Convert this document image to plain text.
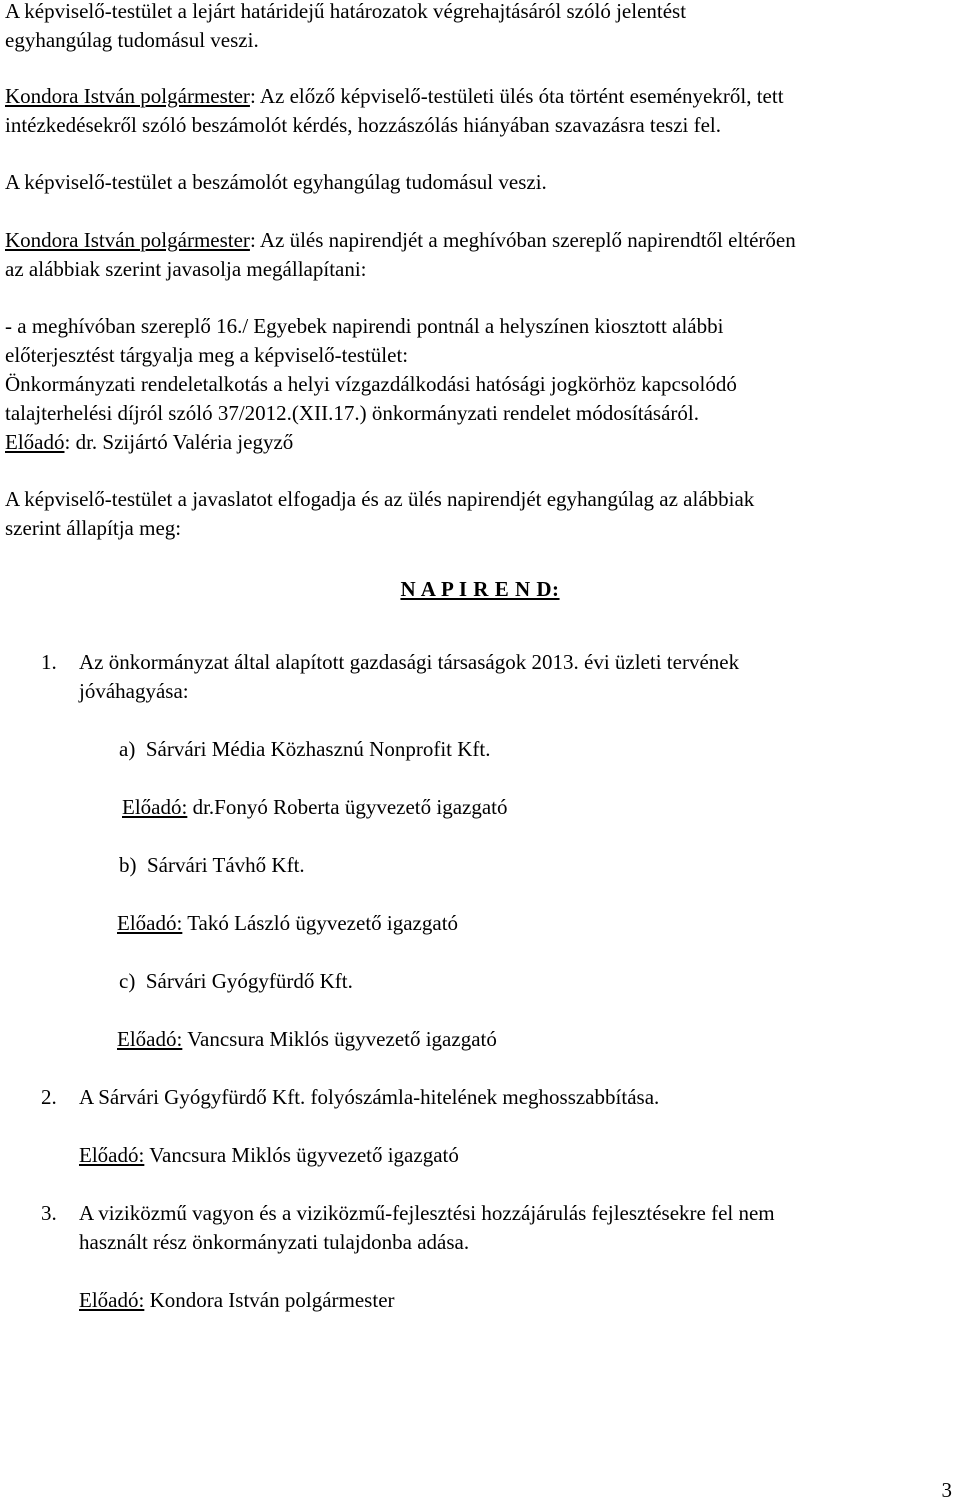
A képviselő-testület a lejárt határidejű határozatok végrehajtásáról szóló jelentést
egyhangúlag tudomásul veszi.

Kondora István polgármester: Az előző képviselő-testületi ülés óta történt eseményekről, tett
intézkedésekről szóló beszámolót kérdés, hozzászólás hiányában szavazásra teszi fel.

A képviselő-testület a beszámolót egyhangúlag tudomásul veszi.

Kondora István polgármester: Az ülés napirendjét a meghívóban szereplő napirendtől eltérően
az alábbiak szerint javasolja megállapítani:

- a meghívóban szereplő 16./ Egyebek napirendi pontnál a helyszínen kiosztott alábbi
előterjesztést tárgyalja meg a képviselő-testület:
Önkormányzati rendeletalkotás a helyi vízgazdálkodási hatósági jogkörhöz kapcsolódó
talajterhelési díjról szóló 37/2012.(XII.17.) önkormányzati rendelet módosításáról.
Előadó: dr. Szijártó Valéria jegyző

A képviselő-testület a javaslatot elfogadja és az ülés napirendjét egyhangúlag az alábbiak
szerint állapítja meg:

N A P I R E N D:
1. Az önkormányzat által alapított gazdasági társaságok 2013. évi üzleti tervének
jóváhagyása:
a) Sárvári Média Közhasznú Nonprofit Kft.
Előadó: dr.Fonyó Roberta ügyvezető igazgató
b) Sárvári Távhő Kft.
Előadó: Takó László ügyvezető igazgató
c) Sárvári Gyógyfürdő Kft.
Előadó: Vancsura Miklós ügyvezető igazgató
2. A Sárvári Gyógyfürdő Kft. folyószámla-hitelének meghosszabbítása.
Előadó: Vancsura Miklós ügyvezető igazgató
3. A viziközmű vagyon és a viziközmű-fejlesztési hozzájárulás fejlesztésekre fel nem
használt rész önkormányzati tulajdonba adása.
Előadó: Kondora István polgármester
3
